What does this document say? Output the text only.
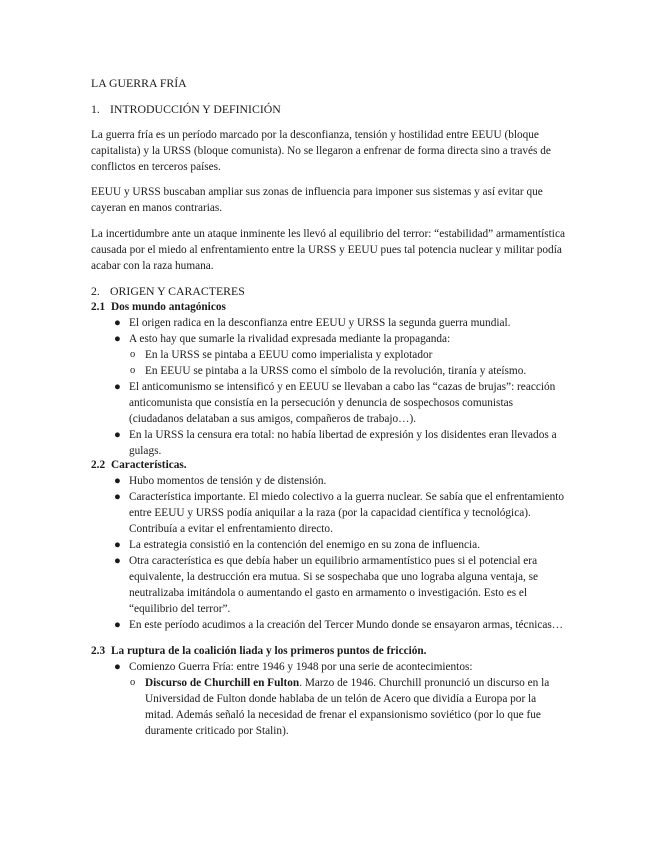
LA GUERRA FRÍA
1. INTRODUCCIÓN Y DEFINICIÓN
La guerra fría es un período marcado por la desconfianza, tensión y hostilidad entre EEUU (bloque capitalista) y la URSS (bloque comunista). No se llegaron a enfrenar de forma directa sino a través de conflictos en terceros países.
EEUU y URSS buscaban ampliar sus zonas de influencia para imponer sus sistemas y así evitar que cayeran en manos contrarias.
La incertidumbre ante un ataque inminente les llevó al equilibrio del terror: “estabilidad” armamentística causada por el miedo al enfrentamiento entre la URSS y EEUU pues tal potencia nuclear y militar podía acabar con la raza humana.
2. ORIGEN Y CARACTERES
2.1 Dos mundo antagónicos
● El origen radica en la desconfianza entre EEUU y URSS la segunda guerra mundial.
● A esto hay que sumarle la rivalidad expresada mediante la propaganda:
o En la URSS se pintaba a EEUU como imperialista y explotador
o En EEUU se pintaba a la URSS como el símbolo de la revolución, tiranía y ateísmo.
● El anticomunismo se intensificó y en EEUU se llevaban a cabo las “cazas de brujas”: reacción anticomunista que consistía en la persecución y denuncia de sospechosos comunistas (ciudadanos delataban a sus amigos, compañeros de trabajo…).
● En la URSS la censura era total: no había libertad de expresión y los disidentes eran llevados a gulags.
2.2 Características.
● Hubo momentos de tensión y de distensión.
● Característica importante. El miedo colectivo a la guerra nuclear. Se sabía que el enfrentamiento entre EEUU y URSS podía aniquilar a la raza (por la capacidad científica y tecnológica). Contribuía a evitar el enfrentamiento directo.
● La estrategia consistió en la contención del enemigo en su zona de influencia.
● Otra característica es que debía haber un equilibrio armamentístico pues si el potencial era equivalente, la destrucción era mutua. Si se sospechaba que uno lograba alguna ventaja, se neutralizaba imitándola o aumentando el gasto en armamento o investigación. Esto es el “equilibrio del terror”.
● En este período acudimos a la creación del Tercer Mundo donde se ensayaron armas, técnicas…
2.3 La ruptura de la coalición liada y los primeros puntos de fricción.
● Comienzo Guerra Fría: entre 1946 y 1948 por una serie de acontecimientos:
o Discurso de Churchill en Fulton. Marzo de 1946. Churchill pronunció un discurso en la Universidad de Fulton donde hablaba de un telón de Acero que dividía a Europa por la mitad. Además señaló la necesidad de frenar el expansionismo soviético (por lo que fue duramente criticado por Stalin).
